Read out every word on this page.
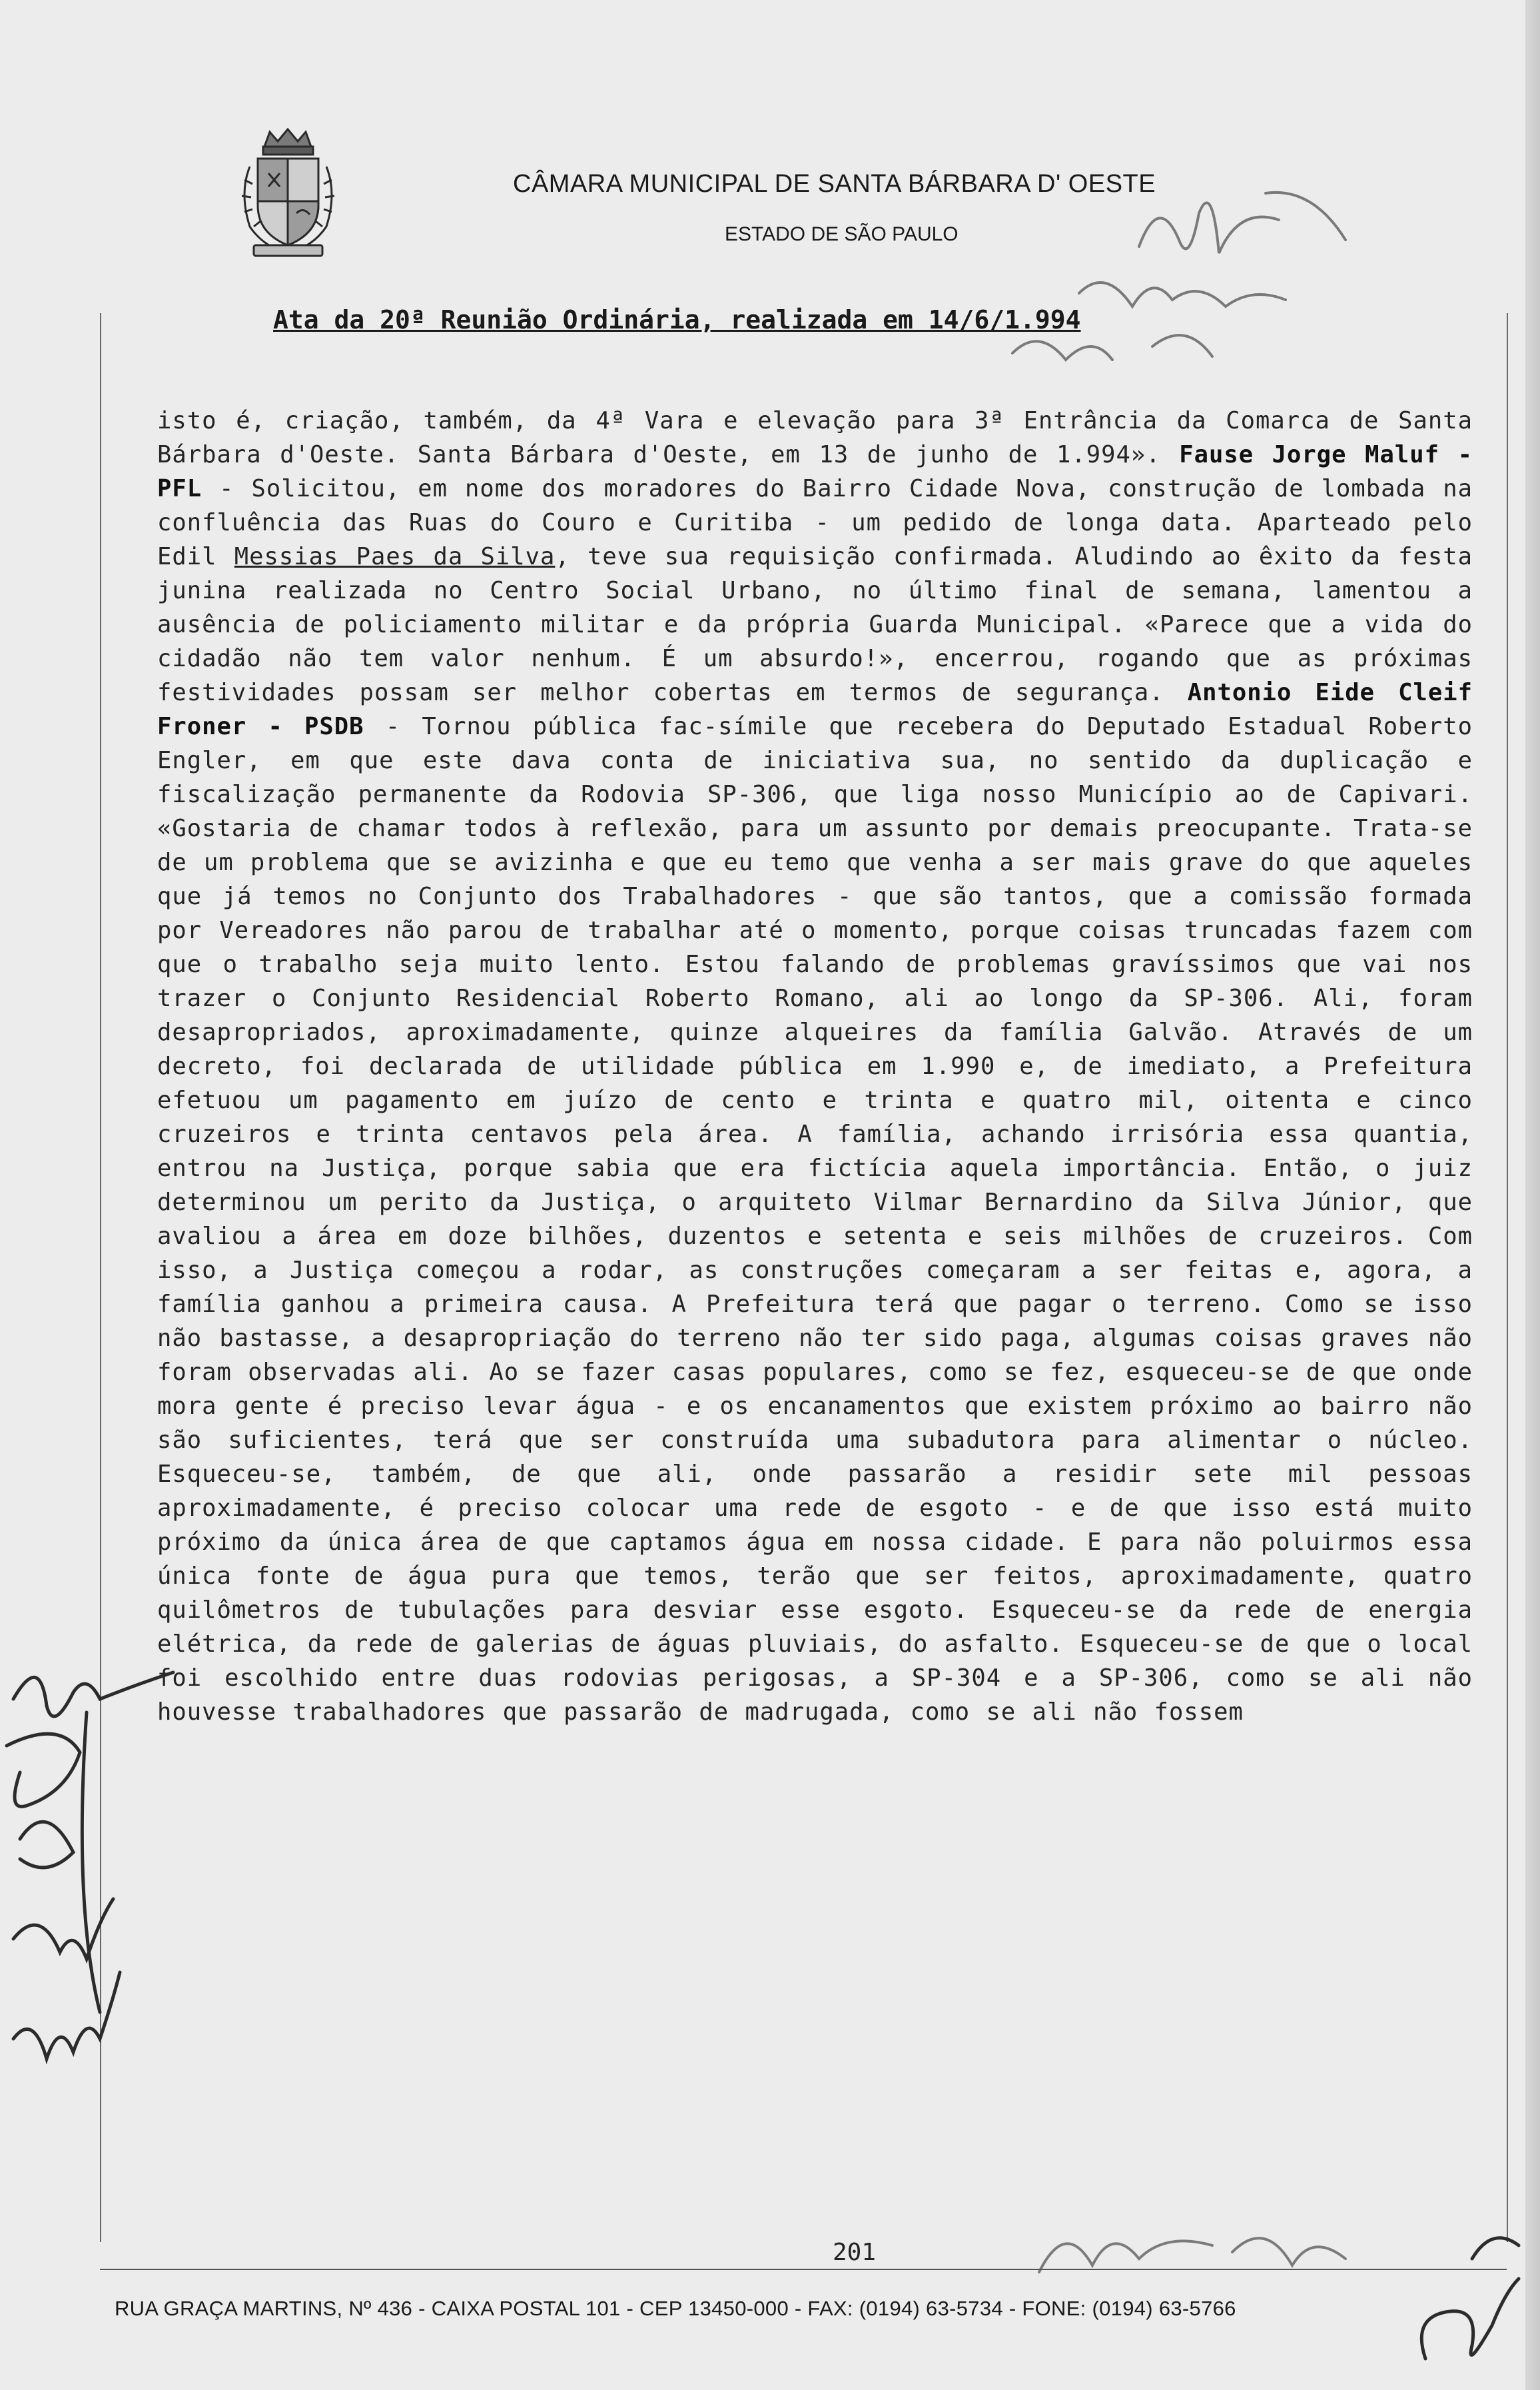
CÂMARA MUNICIPAL DE SANTA BÁRBARA D' OESTE
ESTADO DE SÃO PAULO
Ata da 20ª Reunião Ordinária, realizada em 14/6/1.994

isto é, criação, também, da 4ª Vara e elevação para 3ª Entrância da Comarca de Santa Bárbara d'Oeste. Santa Bárbara d'Oeste, em 13 de junho de 1.994». Fause Jorge Maluf - PFL - Solicitou, em nome dos moradores do Bairro Cidade Nova, construção de lombada na confluência das Ruas do Couro e Curitiba - um pedido de longa data. Aparteado pelo Edil Messias Paes da Silva, teve sua requisição confirmada. Aludindo ao êxito da festa junina realizada no Centro Social Urbano, no último final de semana, lamentou a ausência de policiamento militar e da própria Guarda Municipal. «Parece que a vida do cidadão não tem valor nenhum. É um absurdo!», encerrou, rogando que as próximas festividades possam ser melhor cobertas em termos de segurança. Antonio Eide Cleif Froner - PSDB - Tornou pública fac-símile que recebera do Deputado Estadual Roberto Engler, em que este dava conta de iniciativa sua, no sentido da duplicação e fiscalização permanente da Rodovia SP-306, que liga nosso Município ao de Capivari. «Gostaria de chamar todos à reflexão, para um assunto por demais preocupante. Trata-se de um problema que se avizinha e que eu temo que venha a ser mais grave do que aqueles que já temos no Conjunto dos Trabalhadores - que são tantos, que a comissão formada por Vereadores não parou de trabalhar até o momento, porque coisas truncadas fazem com que o trabalho seja muito lento. Estou falando de problemas gravíssimos que vai nos trazer o Conjunto Residencial Roberto Romano, ali ao longo da SP-306. Ali, foram desapropriados, aproximadamente, quinze alqueires da família Galvão. Através de um decreto, foi declarada de utilidade pública em 1.990 e, de imediato, a Prefeitura efetuou um pagamento em juízo de cento e trinta e quatro mil, oitenta e cinco cruzeiros e trinta centavos pela área. A família, achando irrisória essa quantia, entrou na Justiça, porque sabia que era fictícia aquela importância. Então, o juiz determinou um perito da Justiça, o arquiteto Vilmar Bernardino da Silva Júnior, que avaliou a área em doze bilhões, duzentos e setenta e seis milhões de cruzeiros. Com isso, a Justiça começou a rodar, as construções começaram a ser feitas e, agora, a família ganhou a primeira causa. A Prefeitura terá que pagar o terreno. Como se isso não bastasse, a desapropriação do terreno não ter sido paga, algumas coisas graves não foram observadas ali. Ao se fazer casas populares, como se fez, esqueceu-se de que onde mora gente é preciso levar água - e os encanamentos que existem próximo ao bairro não são suficientes, terá que ser construída uma subadutora para alimentar o núcleo. Esqueceu-se, também, de que ali, onde passarão a residir sete mil pessoas aproximadamente, é preciso colocar uma rede de esgoto - e de que isso está muito próximo da única área de que captamos água em nossa cidade. E para não poluirmos essa única fonte de água pura que temos, terão que ser feitos, aproximadamente, quatro quilômetros de tubulações para desviar esse esgoto. Esqueceu-se da rede de energia elétrica, da rede de galerias de águas pluviais, do asfalto. Esqueceu-se de que o local foi escolhido entre duas rodovias perigosas, a SP-304 e a SP-306, como se ali não houvesse trabalhadores que passarão de madrugada, como se ali não fossem

201
RUA GRAÇA MARTINS, Nº 436 - CAIXA POSTAL 101 - CEP 13450-000 - FAX: (0194) 63-5734 - FONE: (0194) 63-5766
